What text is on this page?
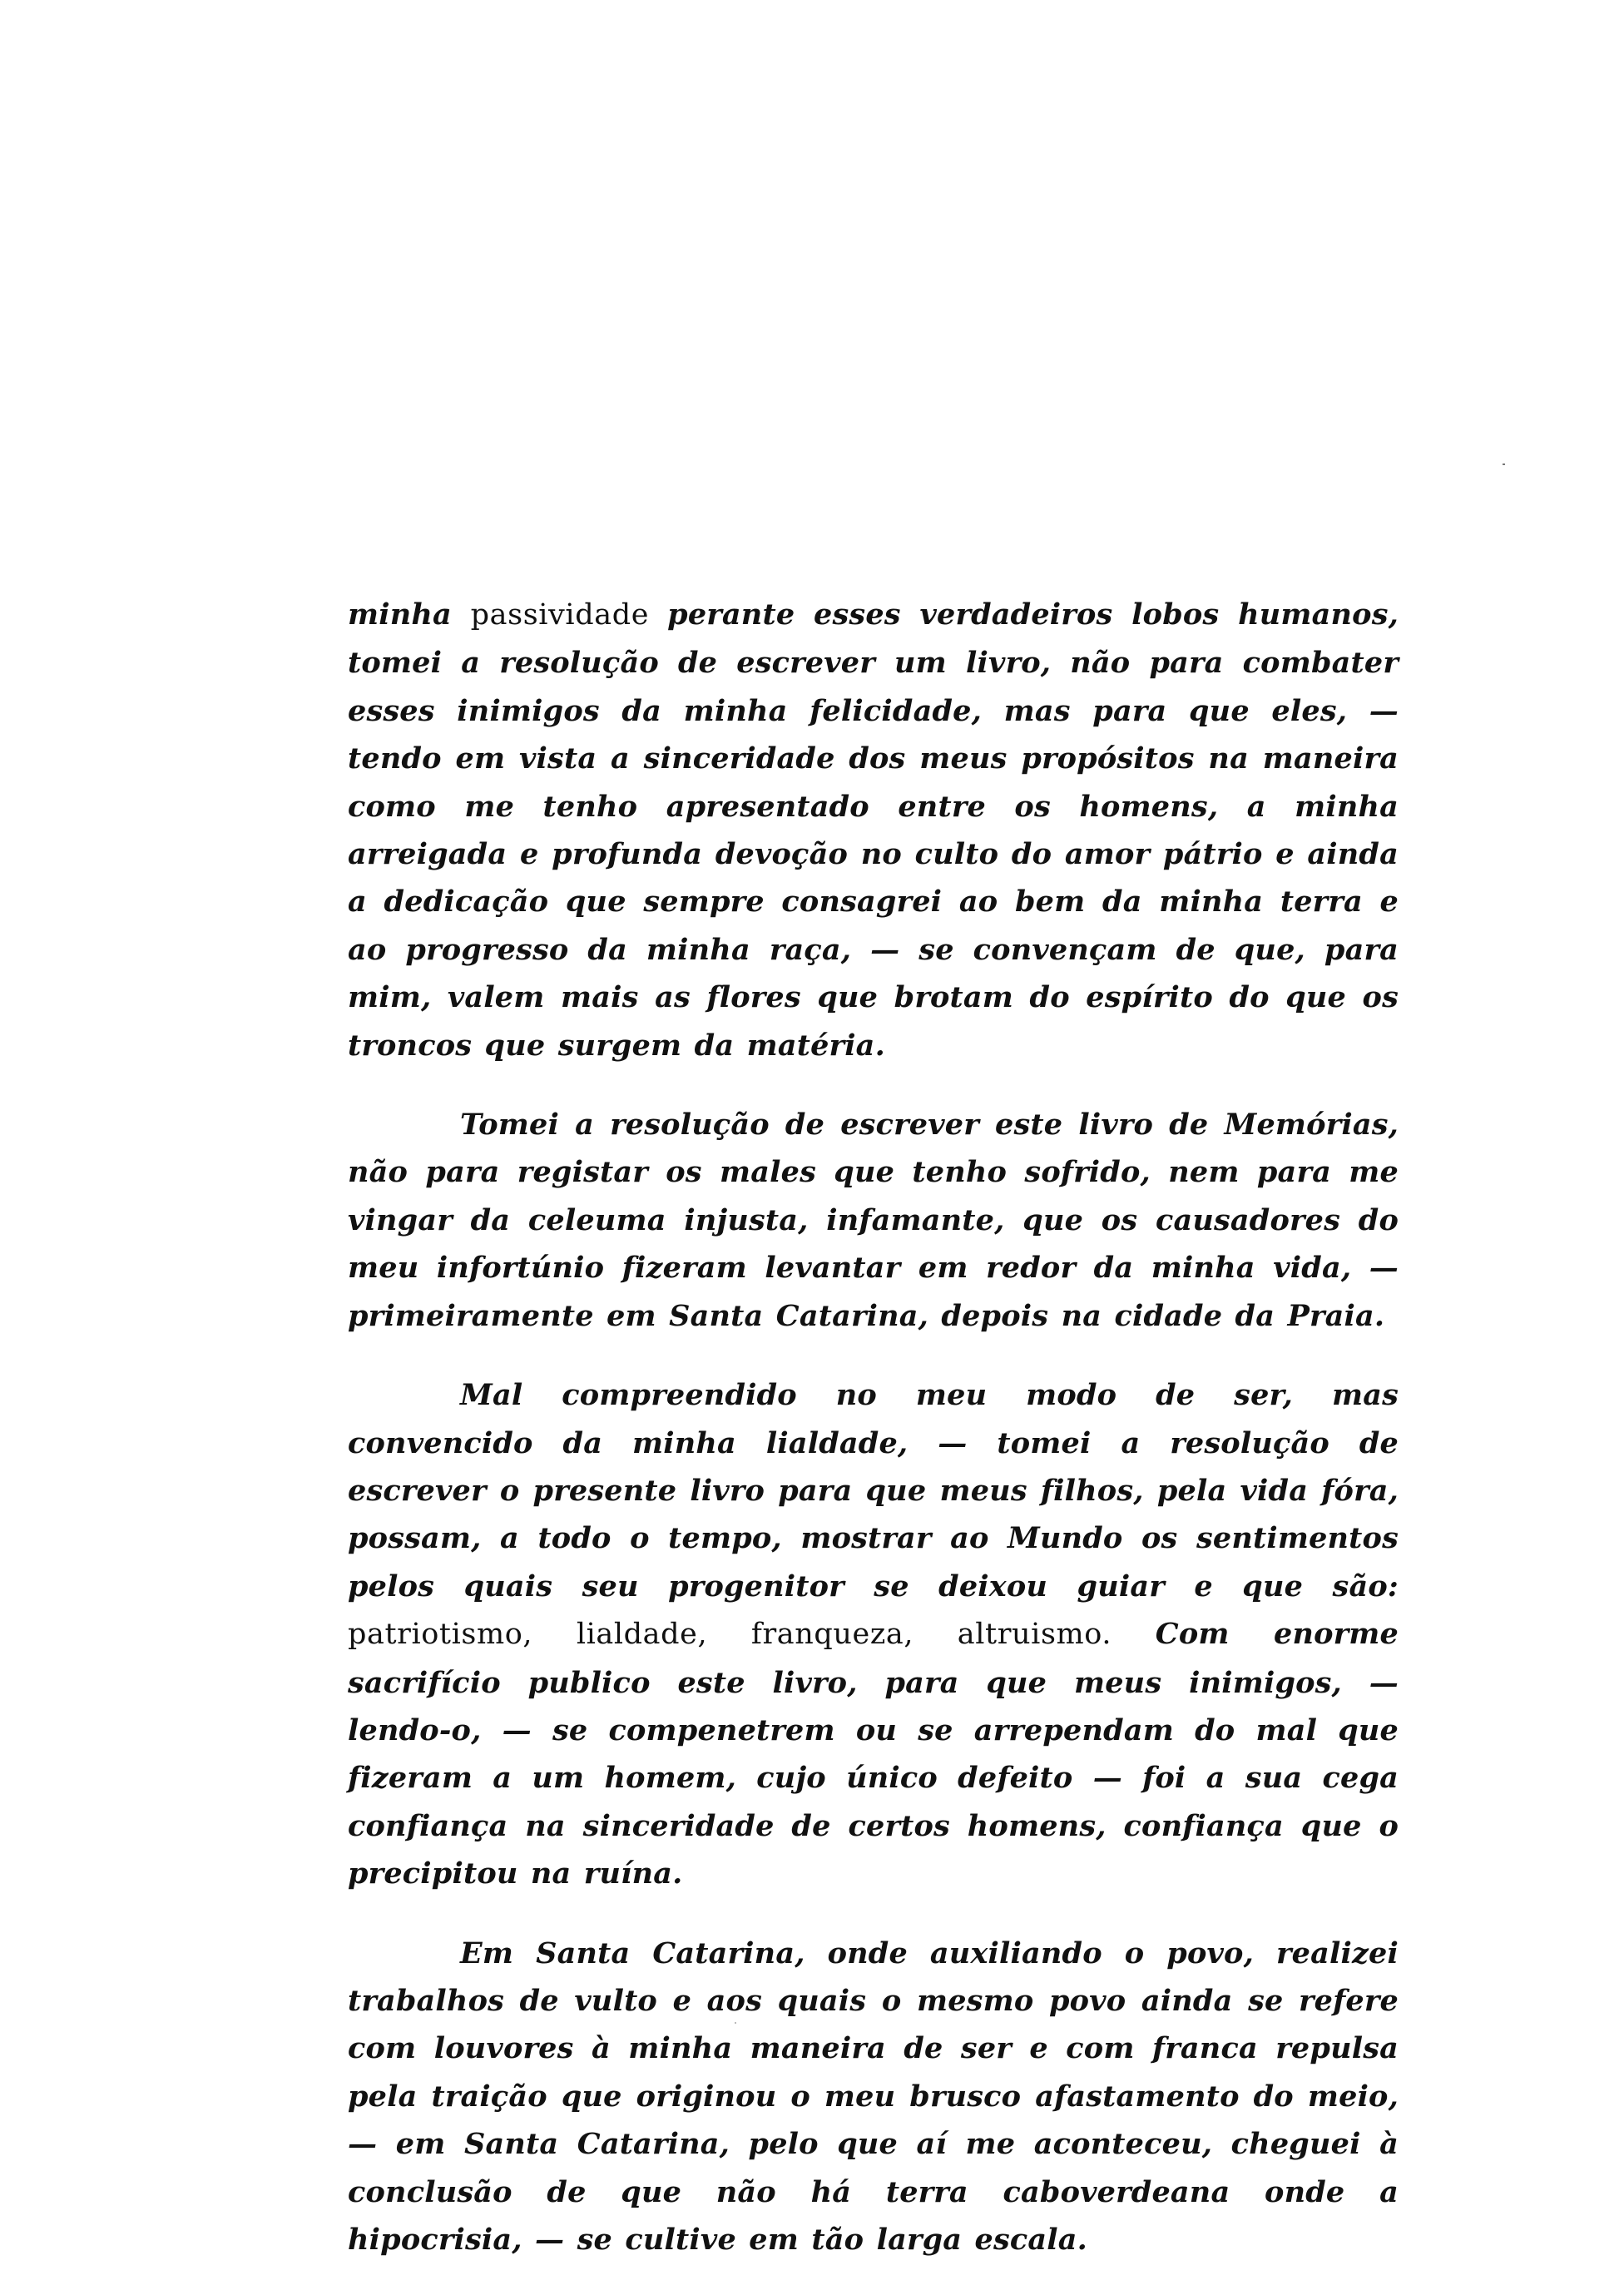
minha passividade perante esses verdadeiros lobos humanos, tomei a resolução de escrever um livro, não para combater esses inimigos da minha felicidade, mas para que eles, — tendo em vista a sinceridade dos meus propósitos na maneira como me tenho apresentado entre os homens, a minha arreigada e profunda devoção no culto do amor pátrio e ainda a dedicação que sempre consagrei ao bem da minha terra e ao progresso da minha raça, — se convençam de que, para mim, valem mais as flores que brotam do espírito do que os troncos que surgem da matéria.

Tomei a resolução de escrever este livro de Memórias, não para registar os males que tenho sofrido, nem para me vingar da celeuma injusta, infamante, que os causadores do meu infortúnio fizeram levantar em redor da minha vida, — primeiramente em Santa Catarina, depois na cidade da Praia.

Mal compreendido no meu modo de ser, mas convencido da minha lialdade, — tomei a resolução de escrever o presente livro para que meus filhos, pela vida fóra, possam, a todo o tempo, mostrar ao Mundo os sentimentos pelos quais seu progenitor se deixou guiar e que são: patriotismo, lialdade, franqueza, altruismo. Com enorme sacrifício publico este livro, para que meus inimigos, — lendo-o, — se compenetrem ou se arrependam do mal que fizeram a um homem, cujo único defeito — foi a sua cega confiança na sinceridade de certos homens, confiança que o precipitou na ruína.

Em Santa Catarina, onde auxiliando o povo, realizei trabalhos de vulto e aos quais o mesmo povo ainda se refere com louvores à minha maneira de ser e com franca repulsa pela traição que originou o meu brusco afastamento do meio, — em Santa Catarina, pelo que aí me aconteceu, cheguei à conclusão de que não há terra caboverdeana onde a hipocrisia, — se cultive em tão larga escala.
